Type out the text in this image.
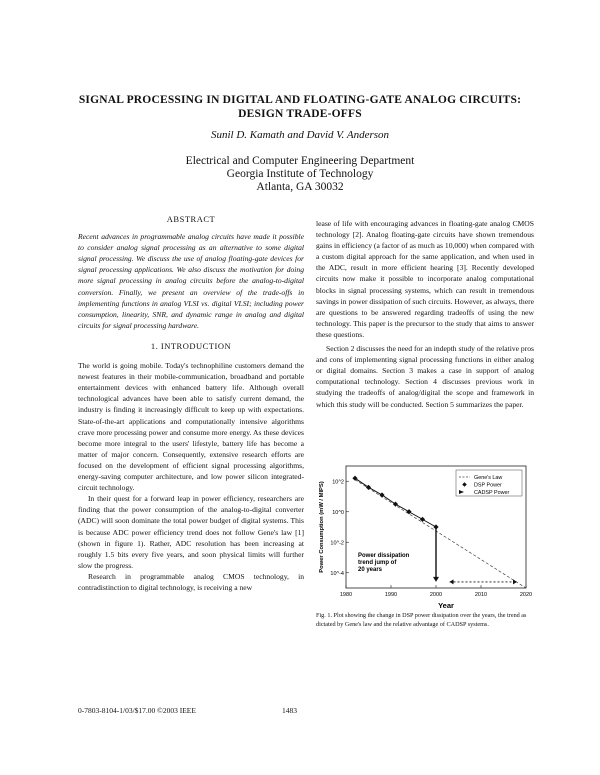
SIGNAL PROCESSING IN DIGITAL AND FLOATING-GATE ANALOG CIRCUITS:
DESIGN TRADE-OFFS
Sunil D. Kamath and David V. Anderson
Electrical and Computer Engineering Department
Georgia Institute of Technology
Atlanta, GA 30032

ABSTRACT

Recent advances in programmable analog circuits have made it possible to consider analog signal processing as an alternative to some digital signal processing. We discuss the use of analog floating-gate devices for signal processing applications. We also discuss the motivation for doing more signal processing in analog circuits before the analog-to-digital conversion. Finally, we present an overview of the trade-offs in implementing functions in analog VLSI vs. digital VLSI; including power consumption, linearity, SNR, and dynamic range in analog and digital circuits for signal processing hardware.

1. INTRODUCTION

The world is going mobile. Today's technophiline customers demand the newest features in their mobile-communication, broadband and portable entertainment devices with enhanced battery life. Although overall technological advances have been able to satisfy current demand, the industry is finding it increasingly difficult to keep up with expectations. State-of-the-art applications and computationally intensive algorithms crave more processing power and consume more energy. As these devices become more integral to the users' lifestyle, battery life has become a matter of major concern. Consequently, extensive research efforts are focused on the development of efficient signal processing algorithms, energy-saving computer architecture, and low power silicon integrated-circuit technology.

In their quest for a forward leap in power efficiency, researchers are finding that the power consumption of the analog-to-digital converter (ADC) will soon dominate the total power budget of digital systems. This is because ADC power efficiency trend does not follow Gene's law [1] (shown in figure 1). Rather, ADC resolution has been increasing at roughly 1.5 bits every five years, and soon physical limits will further slow the progress.

Research in programmable analog CMOS technology, in contradistinction to digital technology, is receiving a new

lease of life with encouraging advances in floating-gate analog CMOS technology [2]. Analog floating-gate circuits have shown tremendous gains in efficiency (a factor of as much as 10,000) when compared with a custom digital approach for the same application, and when used in the ADC, result in more efficient hearing [3]. Recently developed circuits now make it possible to incorporate analog computational blocks in signal processing systems, which can result in tremendous savings in power dissipation of such circuits. However, as always, there are questions to be answered regarding tradeoffs of using the new technology. This paper is the precursor to the study that aims to answer these questions.

Section 2 discusses the need for an indepth study of the relative pros and cons of implementing signal processing functions in either analog or digital domains. Section 3 makes a case in support of analog computational technology. Section 4 discusses previous work in studying the tradeoffs of analog/digital the scope and framework in which this study will be conducted. Section 5 summarizes the paper.

10^2
10^0
10^-2
10^-4
1980	1990	2000	2010	2020
Power dissipation trend jump of 20 years
Gene's Law
DSP Power
CADSP Power
Year
Power Consumption (mW / MIPS)
Fig. 1. Plot showing the change in DSP power dissipation over the years, the trend as dictated by Gene's law and the relative advantage of CADSP systems.
0-7803-8104-1/03/$17.00 ©2003 IEEE	1483
